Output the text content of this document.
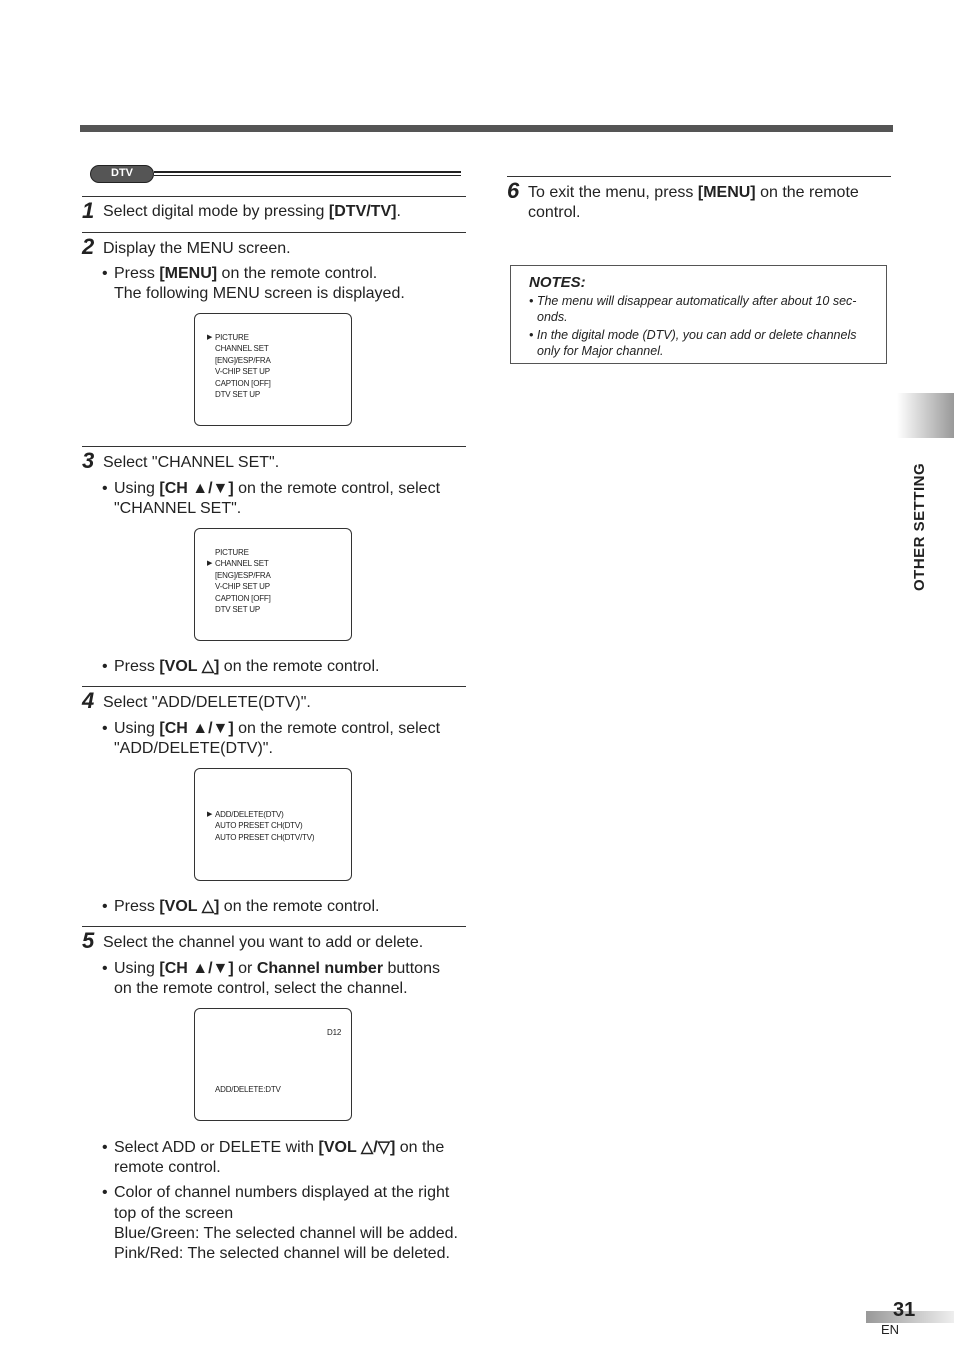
DTV
1 Select digital mode by pressing [DTV/TV].
2 Display the MENU screen.
• Press [MENU] on the remote control.
The following MENU screen is displayed.
▶ PICTURE
CHANNEL SET
[ENG]/ESP/FRA
V-CHIP SET UP
CAPTION [OFF]
DTV SET UP
3 Select "CHANNEL SET".
• Using [CH ▲/▼] on the remote control, select
"CHANNEL SET".
PICTURE
▶ CHANNEL SET
[ENG]/ESP/FRA
V-CHIP SET UP
CAPTION [OFF]
DTV SET UP
• Press [VOL △] on the remote control.
4 Select "ADD/DELETE(DTV)".
• Using [CH ▲/▼] on the remote control, select
"ADD/DELETE(DTV)".
▶ ADD/DELETE(DTV)
AUTO PRESET CH(DTV)
AUTO PRESET CH(DTV/TV)
• Press [VOL △] on the remote control.
5 Select the channel you want to add or delete.
• Using [CH ▲/▼] or Channel number buttons
on the remote control, select the channel.
D12
ADD/DELETE:DTV
• Select ADD or DELETE with [VOL △/▽] on the
remote control.
• Color of channel numbers displayed at the right
top of the screen
Blue/Green: The selected channel will be added.
Pink/Red: The selected channel will be deleted.
6 To exit the menu, press [MENU] on the remote
control.
NOTES:
• The menu will disappear automatically after about 10 sec-
onds.
• In the digital mode (DTV), you can add or delete channels
only for Major channel.
OTHER SETTING
31
EN
